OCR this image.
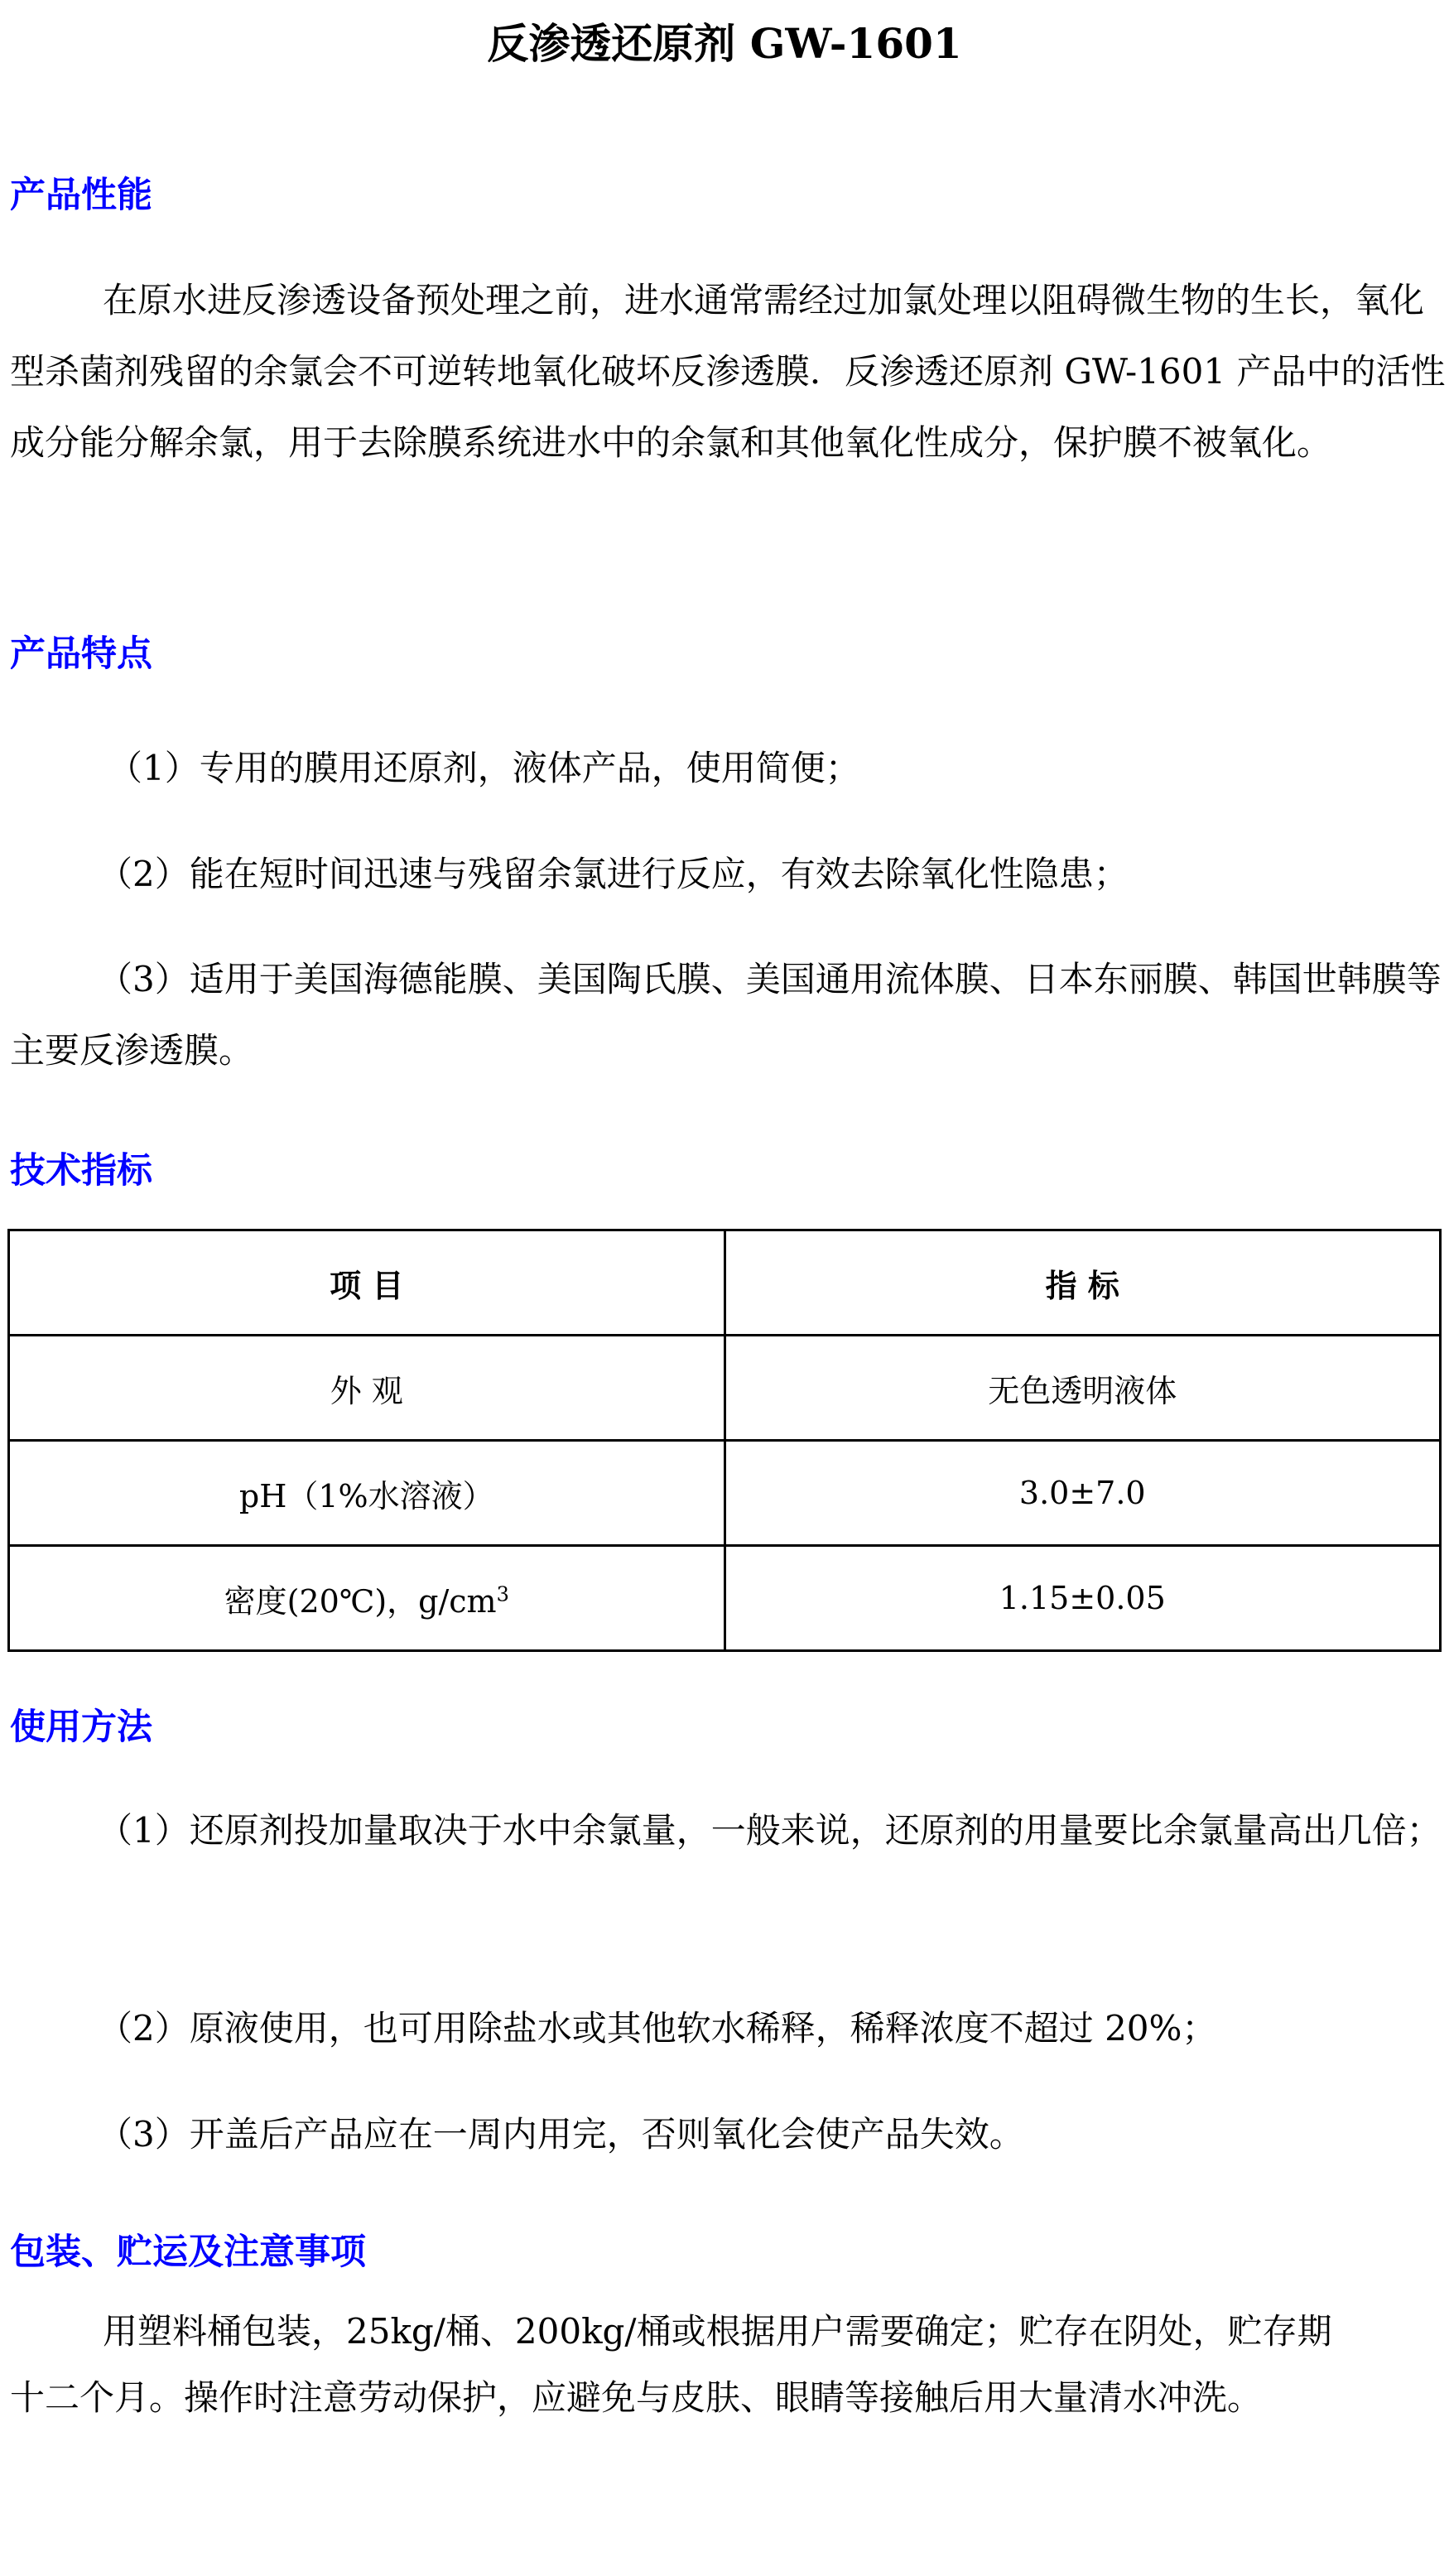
反渗透还原剂 GW-1601
产品性能

在原水进反渗透设备预处理之前，进水通常需经过加氯处理以阻碍微生物的生长，氧化型杀菌剂残留的余氯会不可逆转地氧化破坏反渗透膜．反渗透还原剂 GW-1601 产品中的活性成分能分解余氯，用于去除膜系统进水中的余氯和其他氧化性成分，保护膜不被氧化。

产品特点
（1）专用的膜用还原剂，液体产品，使用简便；
（2）能在短时间迅速与残留余氯进行反应，有效去除氧化性隐患；

（3）适用于美国海德能膜、美国陶氏膜、美国通用流体膜、日本东丽膜、韩国世韩膜等主要反渗透膜。

技术指标
项 目	指 标
外 观	无色透明液体
pH（1%水溶液）	3.0±7.0
密度(20℃)，$g/cm^3$	1.15±0.05
使用方法

（1）还原剂投加量取决于水中余氯量，一般来说，还原剂的用量要比余氯量高出几倍；

（2）原液使用，也可用除盐水或其他软水稀释，稀释浓度不超过 20%；
（3）开盖后产品应在一周内用完，否则氧化会使产品失效。
包装、贮运及注意事项

用塑料桶包装，25kg/桶、200kg/桶或根据用户需要确定；贮存在阴处，贮存期十二个月。操作时注意劳动保护，应避免与皮肤、眼睛等接触后用大量清水冲洗。
